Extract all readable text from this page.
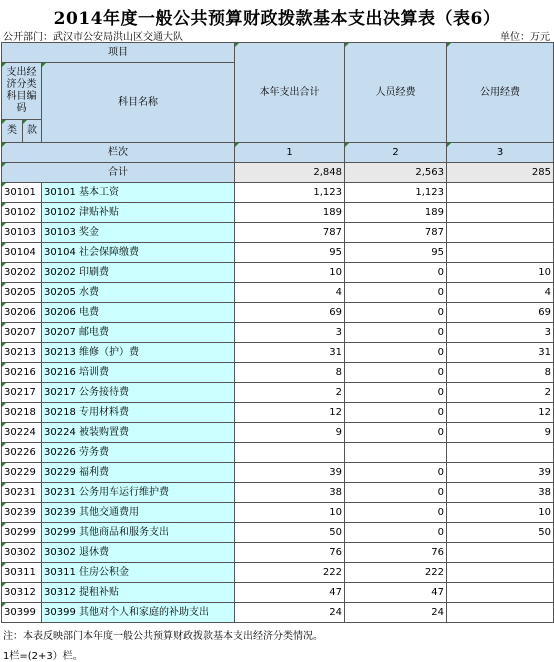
2014年度一般公共预算财政拨款基本支出决算表（表6）
公开部门：武汉市公安局洪山区交通大队	单位：万元
项目			本年支出合计	人员经费	公用经费
支出经济分类科目编码		科目名称			
类	款				
栏次			1	2	3
合计			2,848	2,563	285
30101		30101 基本工资	1,123	1,123	
30102		30102 津贴补贴	189	189	
30103		30103 奖金	787	787	
30104		30104 社会保障缴费	95	95	
30202		30202 印刷费	10	0	10
30205		30205 水费	4	0	4
30206		30206 电费	69	0	69
30207		30207 邮电费	3	0	3
30213		30213 维修（护）费	31	0	31
30216		30216 培训费	8	0	8
30217		30217 公务接待费	2	0	2
30218		30218 专用材料费	12	0	12
30224		30224 被装购置费	9	0	9
30226		30226 劳务费			
30229		30229 福利费	39	0	39
30231		30231 公务用车运行维护费	38	0	38
30239		30239 其他交通费用	10	0	10
30299		30299 其他商品和服务支出	50	0	50
30302		30302 退休费	76	76	
30311		30311 住房公积金	222	222	
30312		30312 提租补贴	47	47	
30399		30399 其他对个人和家庭的补助支出	24	24	
注：本表反映部门本年度一般公共预算财政拨款基本支出经济分类情况。
1栏=(2+3）栏。
